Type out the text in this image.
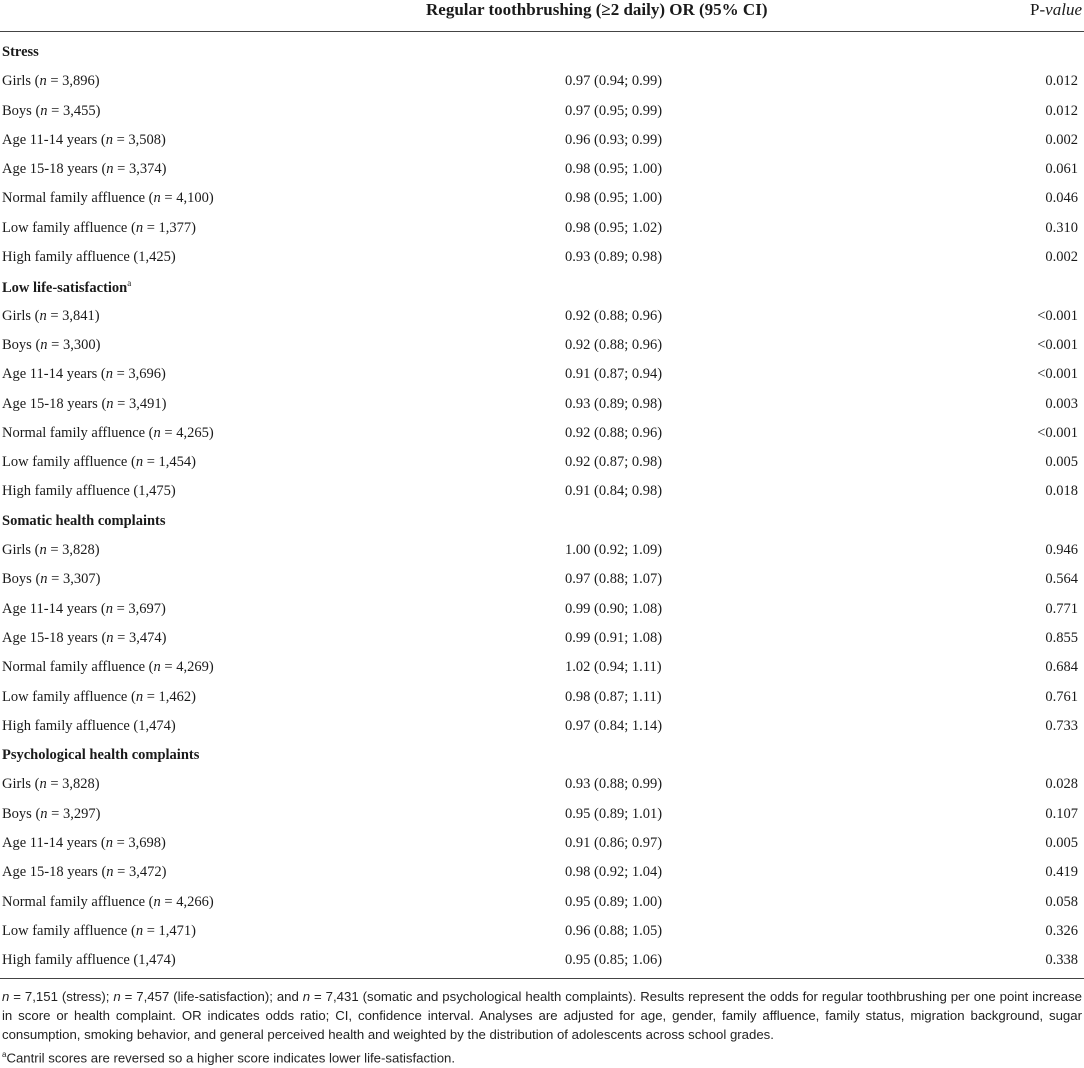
Regular toothbrushing (≥2 daily) OR (95% CI)	P-value
Stress
Girls (n = 3,896)	0.97 (0.94; 0.99)	0.012
Boys (n = 3,455)	0.97 (0.95; 0.99)	0.012
Age 11-14 years (n = 3,508)	0.96 (0.93; 0.99)	0.002
Age 15-18 years (n = 3,374)	0.98 (0.95; 1.00)	0.061
Normal family affluence (n = 4,100)	0.98 (0.95; 1.00)	0.046
Low family affluence (n = 1,377)	0.98 (0.95; 1.02)	0.310
High family affluence (1,425)	0.93 (0.89; 0.98)	0.002
Low life-satisfaction$^a$
Girls (n = 3,841)	0.92 (0.88; 0.96)	<0.001
Boys (n = 3,300)	0.92 (0.88; 0.96)	<0.001
Age 11-14 years (n = 3,696)	0.91 (0.87; 0.94)	<0.001
Age 15-18 years (n = 3,491)	0.93 (0.89; 0.98)	0.003
Normal family affluence (n = 4,265)	0.92 (0.88; 0.96)	<0.001
Low family affluence (n = 1,454)	0.92 (0.87; 0.98)	0.005
High family affluence (1,475)	0.91 (0.84; 0.98)	0.018
Somatic health complaints
Girls (n = 3,828)	1.00 (0.92; 1.09)	0.946
Boys (n = 3,307)	0.97 (0.88; 1.07)	0.564
Age 11-14 years (n = 3,697)	0.99 (0.90; 1.08)	0.771
Age 15-18 years (n = 3,474)	0.99 (0.91; 1.08)	0.855
Normal family affluence (n = 4,269)	1.02 (0.94; 1.11)	0.684
Low family affluence (n = 1,462)	0.98 (0.87; 1.11)	0.761
High family affluence (1,474)	0.97 (0.84; 1.14)	0.733
Psychological health complaints
Girls (n = 3,828)	0.93 (0.88; 0.99)	0.028
Boys (n = 3,297)	0.95 (0.89; 1.01)	0.107
Age 11-14 years (n = 3,698)	0.91 (0.86; 0.97)	0.005
Age 15-18 years (n = 3,472)	0.98 (0.92; 1.04)	0.419
Normal family affluence (n = 4,266)	0.95 (0.89; 1.00)	0.058
Low family affluence (n = 1,471)	0.96 (0.88; 1.05)	0.326
High family affluence (1,474)	0.95 (0.85; 1.06)	0.338
n = 7,151 (stress); n = 7,457 (life-satisfaction); and n = 7,431 (somatic and psychological health complaints). Results represent the odds for regular toothbrushing per one point increase in score or health complaint. OR indicates odds ratio; CI, confidence interval. Analyses are adjusted for age, gender, family affluence, family status, migration background, sugar consumption, smoking behavior, and general perceived health and weighted by the distribution of adolescents across school grades.
$^a$Cantril scores are reversed so a higher score indicates lower life-satisfaction.
